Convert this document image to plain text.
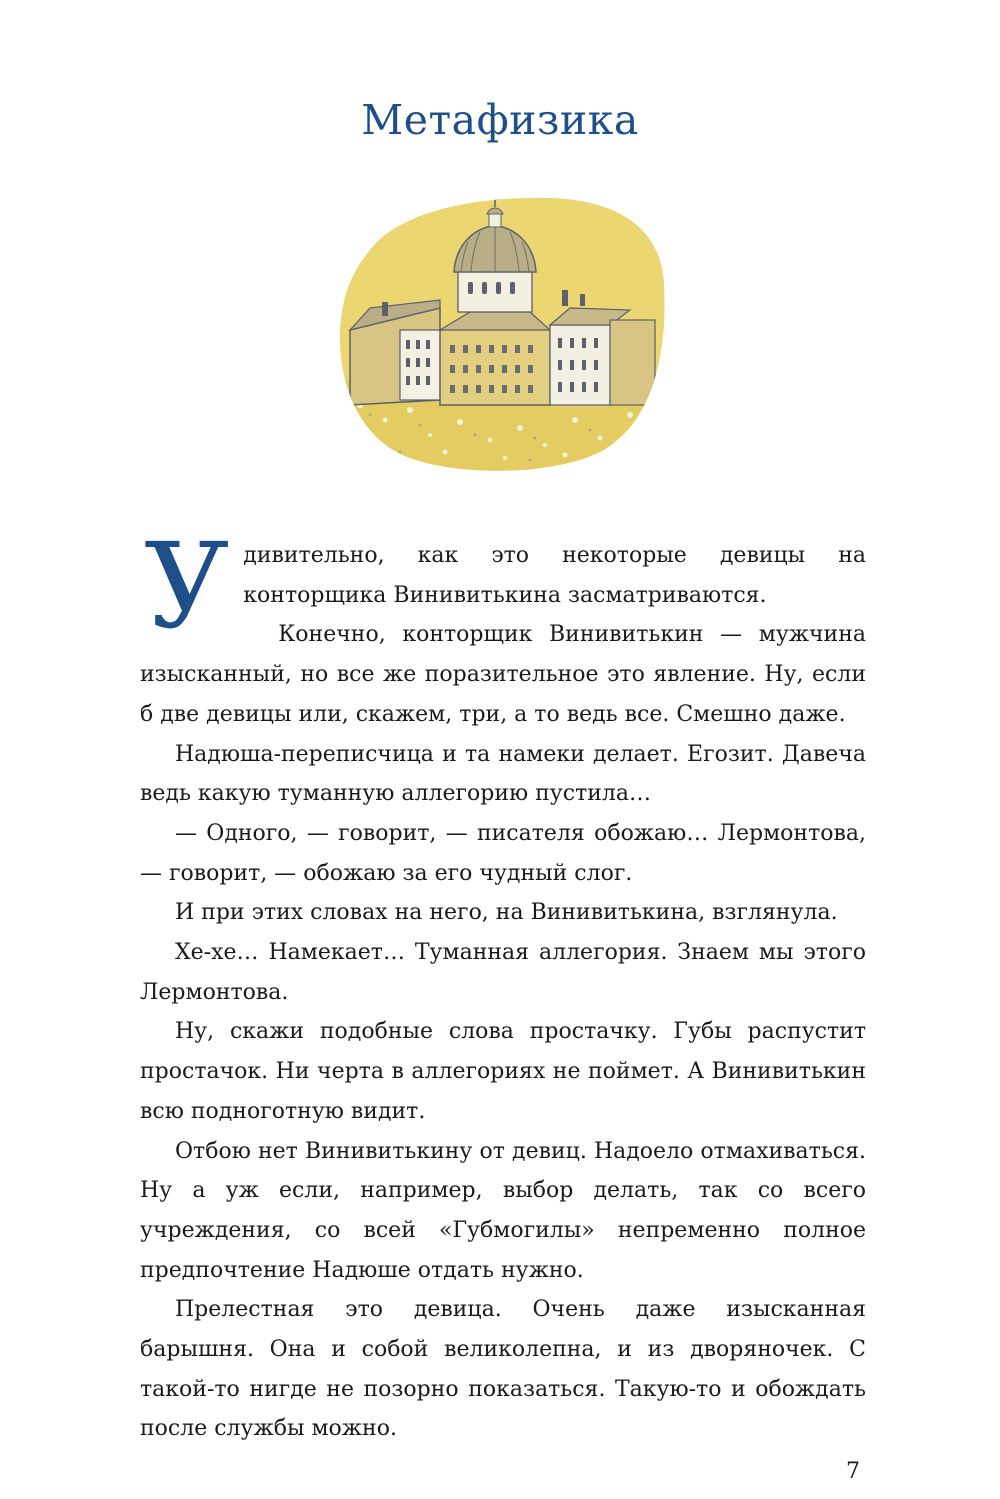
Метафизика

Удивительно, как это некоторые девицы на конторщика Винивитькина засматриваются.

Конечно, конторщик Винивитькин — мужчина изысканный, но все же поразительное это явление. Ну, если б две девицы или, скажем, три, а то ведь все. Смешно даже.

Надюша-переписчица и та намеки делает. Егозит. Давеча ведь какую туманную аллегорию пустила…

— Одного, — говорит, — писателя обожаю… Лермонтова, — говорит, — обожаю за его чудный слог.

И при этих словах на него, на Винивитькина, взглянула.

Хе-хе… Намекает… Туманная аллегория. Знаем мы этого Лермонтова.

Ну, скажи подобные слова простачку. Губы распустит простачок. Ни черта в аллегориях не поймет. А Винивитькин всю подноготную видит.

Отбою нет Винивитькину от девиц. Надоело отмахиваться. Ну а уж если, например, выбор делать, так со всего учреждения, со всей «Губмогилы» непременно полное предпочтение Надюше отдать нужно.

Прелестная это девица. Очень даже изысканная барышня. Она и собой великолепна, и из дворяночек. С такой-то нигде не позорно показаться. Такую-то и обождать после службы можно.

7
